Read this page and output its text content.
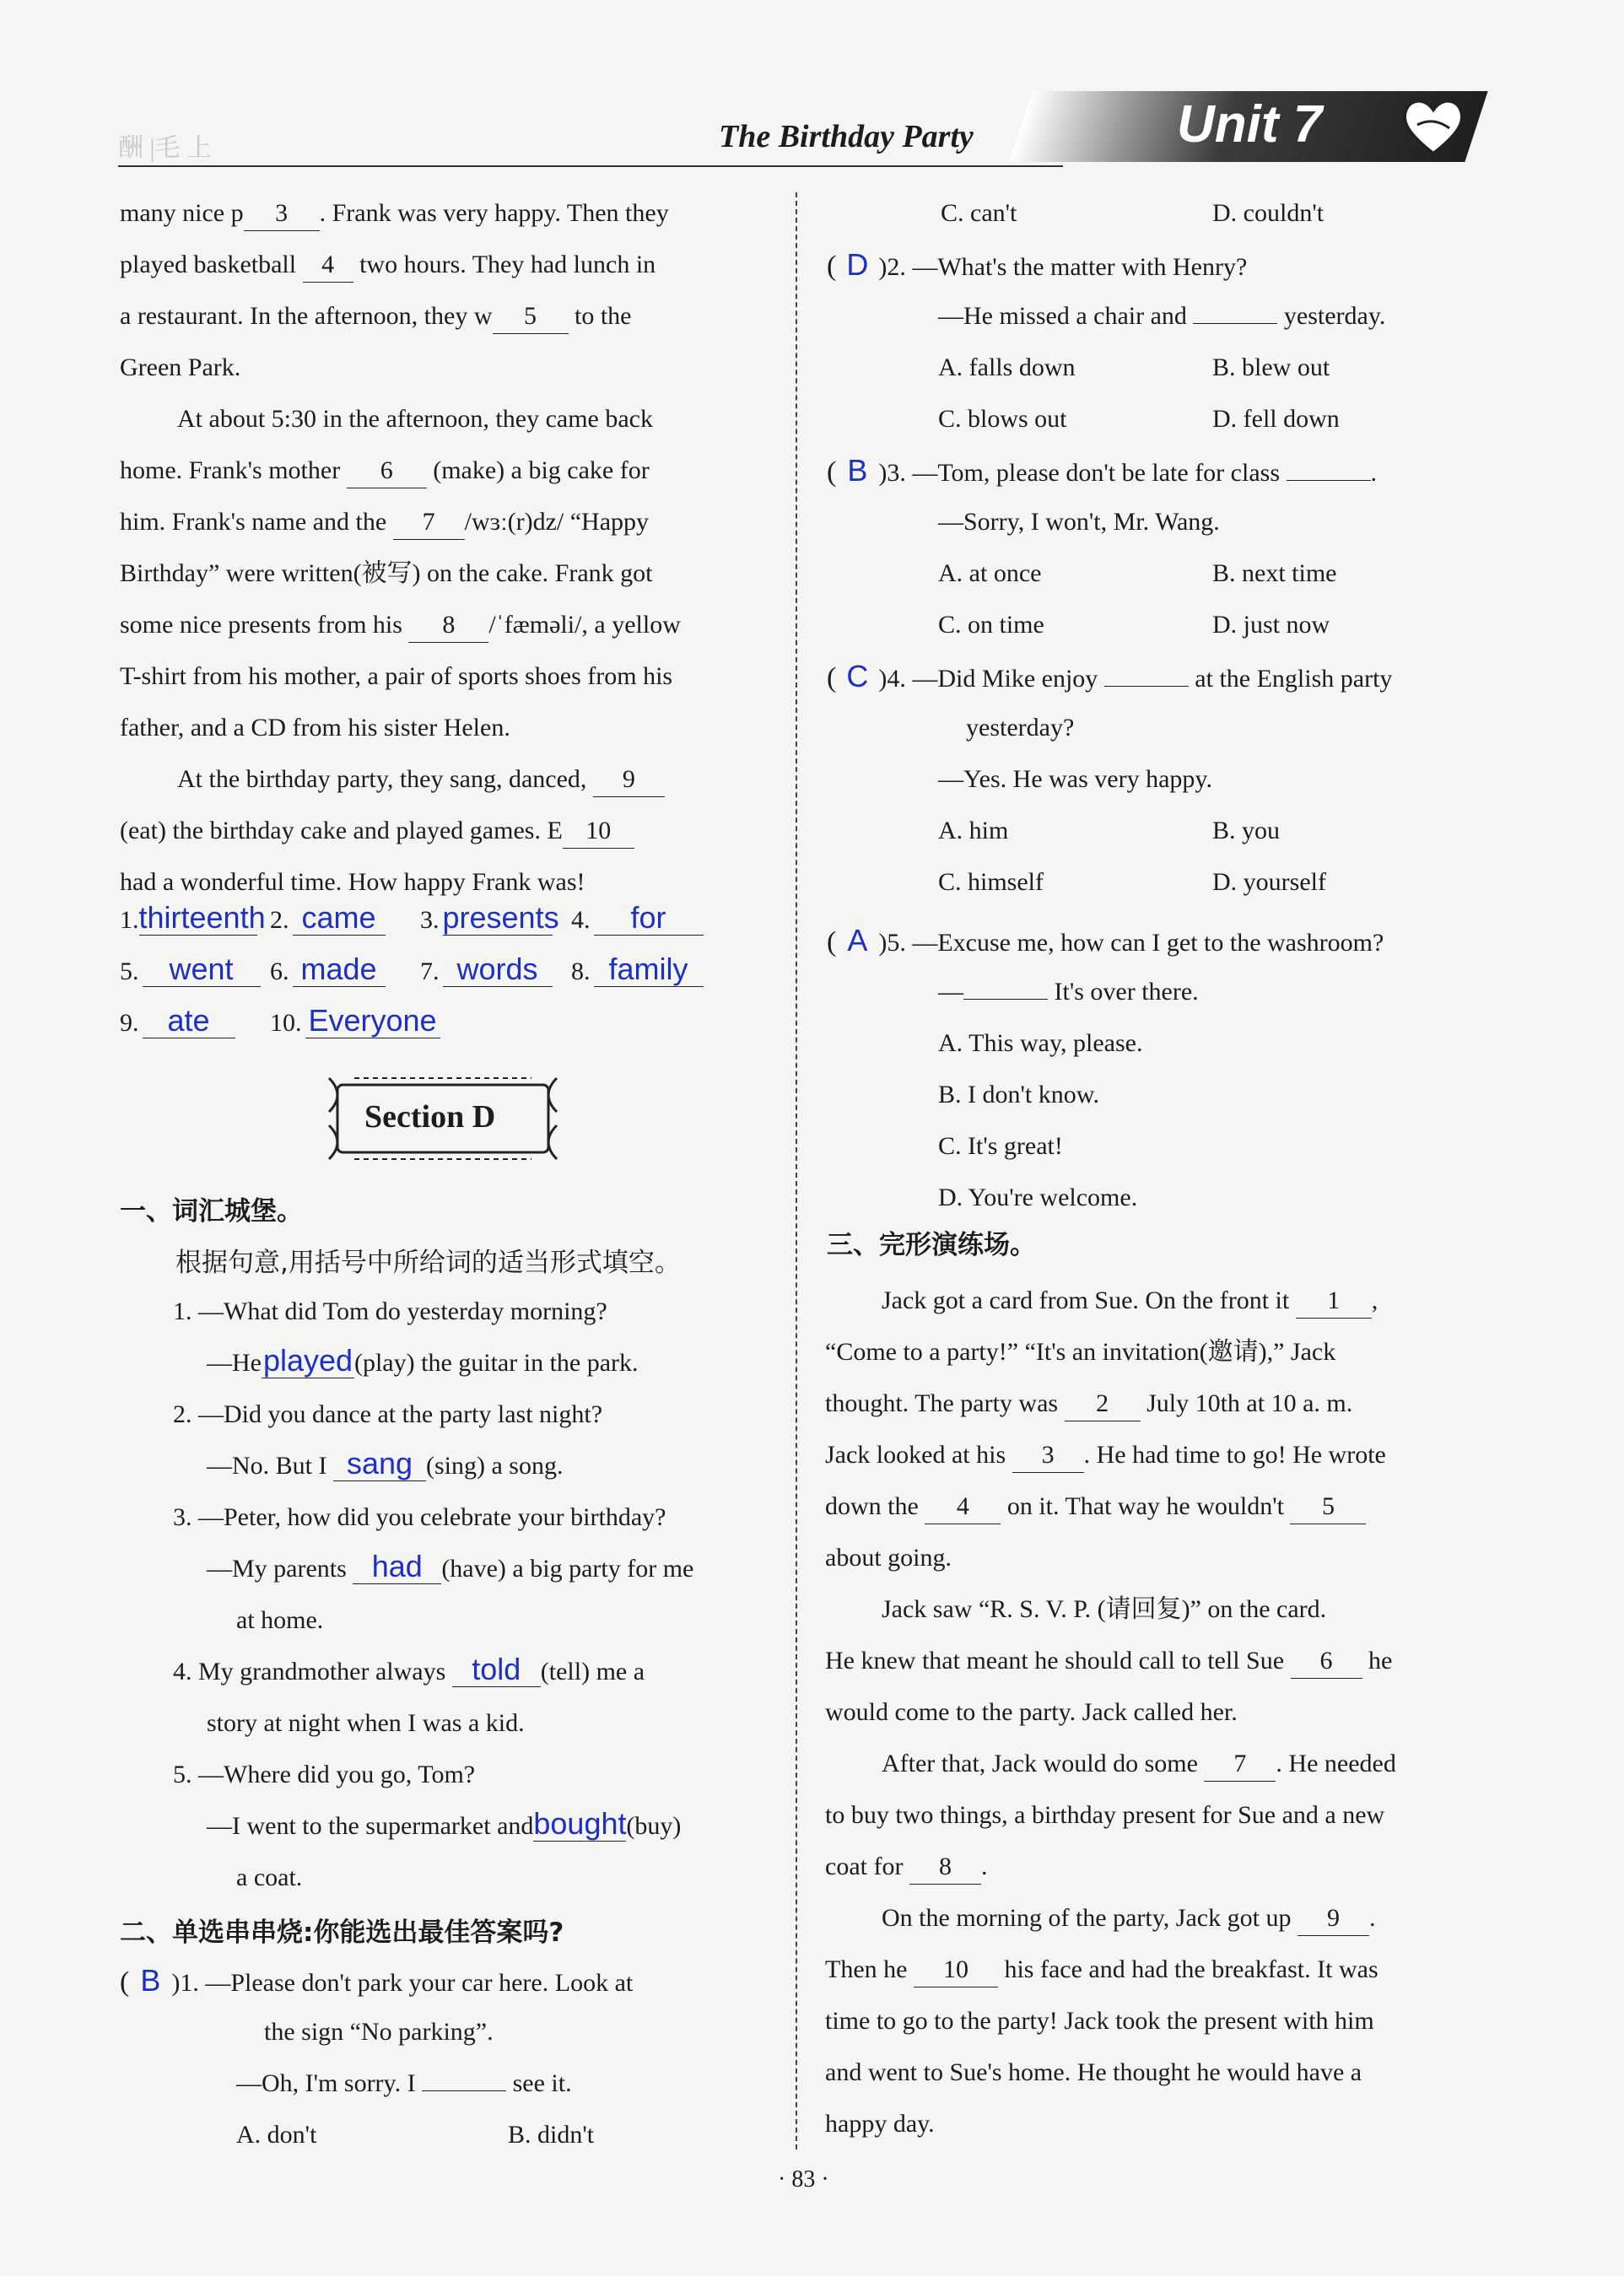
酬 |毛 上	The Birthday Party	Unit 7
many nice p 3 . Frank was very happy. Then they
played basketball 4 two hours. They had lunch in
a restaurant. In the afternoon, they w 5 to the
Green Park.
At about 5:30 in the afternoon, they came back
home. Frank's mother 6 (make) a big cake for
him. Frank's name and the 7 /wɜː(r)dz/ “Happy
Birthday” were written(被写) on the cake. Frank got
some nice presents from his 8 /ˈfæməli/, a yellow
T-shirt from his mother, a pair of sports shoes from his
father, and a CD from his sister Helen.
At the birthday party, they sang, danced, 9
(eat) the birthday cake and played games. E 10
had a wonderful time. How happy Frank was!
1.thirteenth 2. came	3. presents 4. for
5. went	6. made	7. words	8. family
9. ate	10. Everyone
Section D
一、词汇城堡。
根据句意,用括号中所给词的适当形式填空。
1. —What did Tom do yesterday morning?
—Heplayed(play) the guitar in the park.
2. —Did you dance at the party last night?
—No. But I sang (sing) a song.
3. —Peter, how did you celebrate your birthday?
—My parents had (have) a big party for me
at home.
4. My grandmother always told (tell) me a
story at night when I was a kid.
5. —Where did you go, Tom?
—I went to the supermarket andbought(buy)
a coat.
二、单选串串烧:你能选出最佳答案吗?
( B )1. —Please don't park your car here. Look at
the sign “No parking”.
—Oh, I'm sorry. I	see it.
A. don't	B. didn't
C. can't	D. couldn't
( D )2. —What's the matter with Henry?
—He missed a chair and	yesterday.
A. falls down	B. blew out
C. blows out	D. fell down
( B )3. —Tom, please don't be late for class	.
—Sorry, I won't, Mr. Wang.
A. at once	B. next time
C. on time	D. just now
( C )4. —Did Mike enjoy	at the English party
yesterday?
—Yes. He was very happy.
A. him	B. you
C. himself	D. yourself
( A )5. —Excuse me, how can I get to the washroom?
—	It's over there.
A. This way, please.
B. I don't know.
C. It's great!
D. You're welcome.
三、完形演练场。
Jack got a card from Sue. On the front it 1 ,
“Come to a party!” “It's an invitation(邀请),” Jack
thought. The party was 2 July 10th at 10 a. m.
Jack looked at his 3 . He had time to go! He wrote
down the 4 on it. That way he wouldn't 5
about going.
Jack saw “R. S. V. P. (请回复)” on the card.
He knew that meant he should call to tell Sue 6 he
would come to the party. Jack called her.
After that, Jack would do some 7 . He needed
to buy two things, a birthday present for Sue and a new
coat for 8 .
On the morning of the party, Jack got up 9 .
Then he 10 his face and had the breakfast. It was
time to go to the party! Jack took the present with him
and went to Sue's home. He thought he would have a
happy day.
· 83 ·
